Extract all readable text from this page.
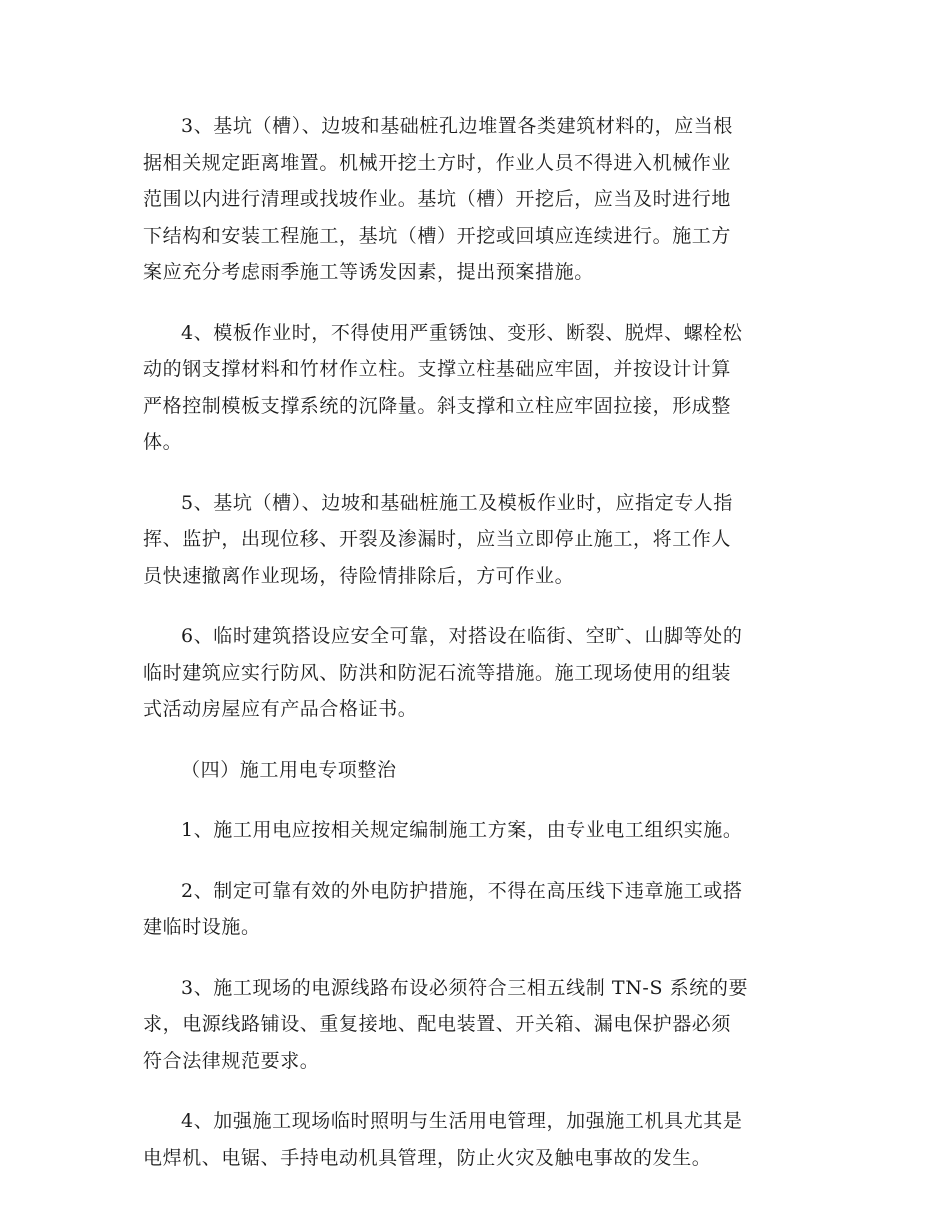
3、基坑（槽）、边坡和基础桩孔边堆置各类建筑材料的，应当根
据相关规定距离堆置。机械开挖土方时，作业人员不得进入机械作业
范围以内进行清理或找坡作业。基坑（槽）开挖后，应当及时进行地
下结构和安装工程施工，基坑（槽）开挖或回填应连续进行。施工方
案应充分考虑雨季施工等诱发因素，提出预案措施。

4、模板作业时，不得使用严重锈蚀、变形、断裂、脱焊、螺栓松
动的钢支撑材料和竹材作立柱。支撑立柱基础应牢固，并按设计计算
严格控制模板支撑系统的沉降量。斜支撑和立柱应牢固拉接，形成整
体。

5、基坑（槽）、边坡和基础桩施工及模板作业时，应指定专人指
挥、监护，出现位移、开裂及渗漏时，应当立即停止施工，将工作人
员快速撤离作业现场，待险情排除后，方可作业。

6、临时建筑搭设应安全可靠，对搭设在临街、空旷、山脚等处的
临时建筑应实行防风、防洪和防泥石流等措施。施工现场使用的组装
式活动房屋应有产品合格证书。

（四）施工用电专项整治

1、施工用电应按相关规定编制施工方案，由专业电工组织实施。

2、制定可靠有效的外电防护措施，不得在高压线下违章施工或搭
建临时设施。

3、施工现场的电源线路布设必须符合三相五线制 TN-S 系统的要
求，电源线路铺设、重复接地、配电装置、开关箱、漏电保护器必须
符合法律规范要求。

4、加强施工现场临时照明与生活用电管理，加强施工机具尤其是
电焊机、电锯、手持电动机具管理，防止火灾及触电事故的发生。
